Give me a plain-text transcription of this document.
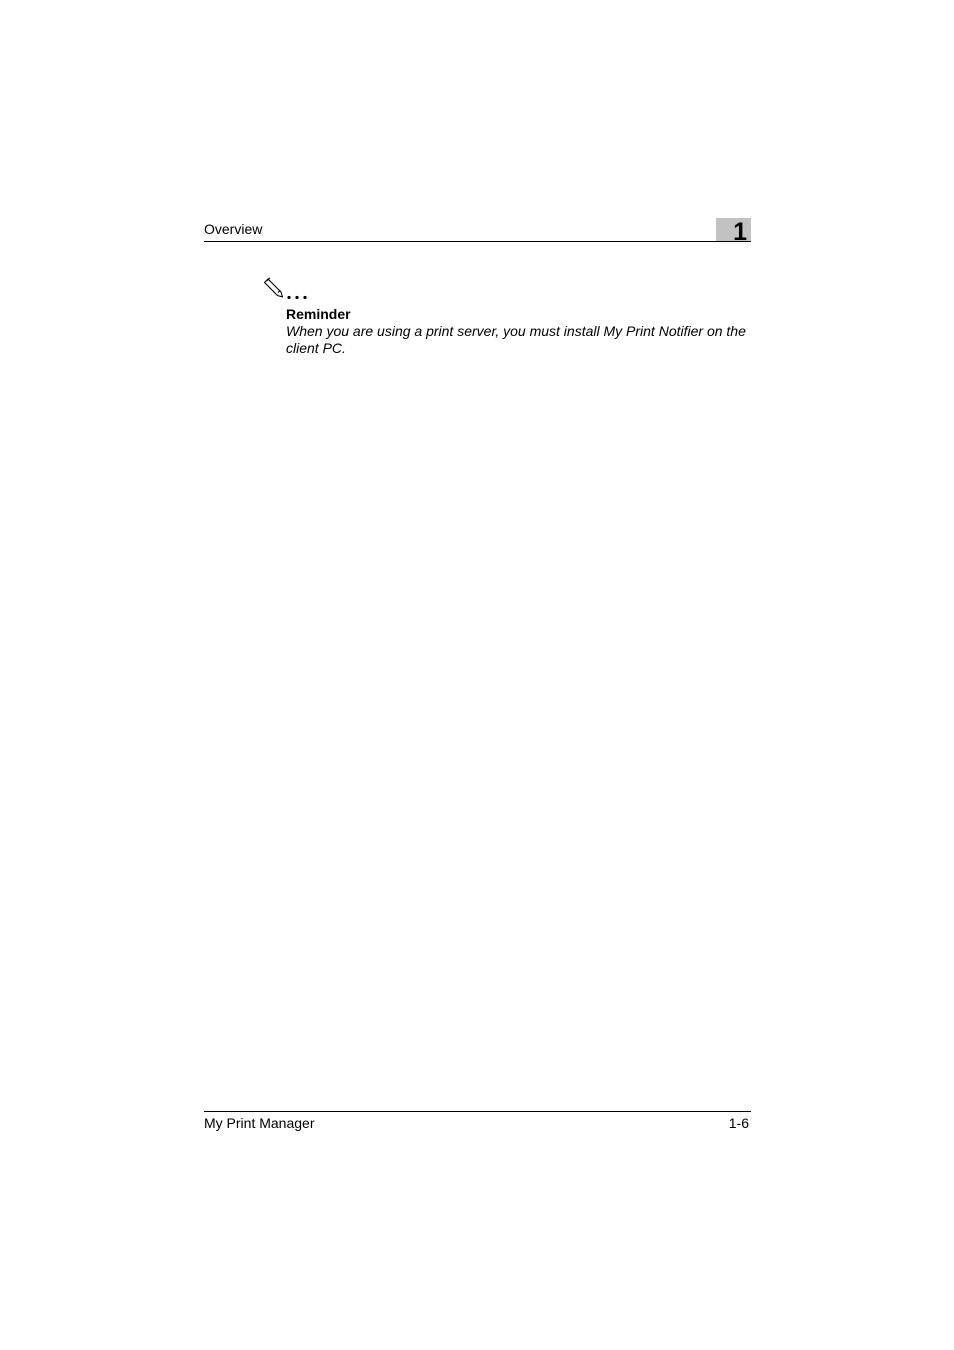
Overview	1
Reminder
When you are using a print server, you must install My Print Notifier on the client PC.
My Print Manager	1-6
